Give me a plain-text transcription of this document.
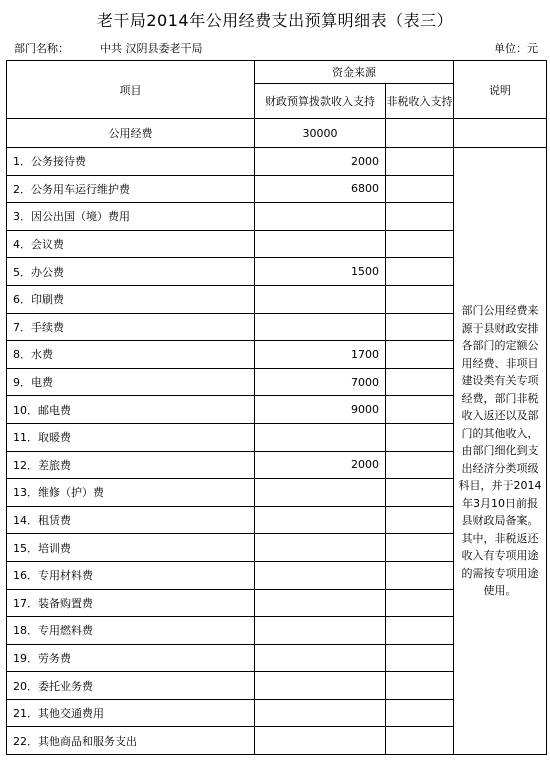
老干局2014年公用经费支出预算明细表（表三）
部门名称：	中共 汉阴县委老干局	单位：元
项目	资金来源		说明
	财政预算拨款收入支持	非税收入支持	
公用经费	30000		
1．公务接待费	2000		部门公用经费来源于县财政安排各部门的定额公用经费、非项目建设类有关专项经费，部门非税收入返还以及部门的其他收入，由部门细化到支出经济分类项级科目，并于2014年3月10日前报县财政局备案。其中，非税返还收入有专项用途的需按专项用途使用。
2．公务用车运行维护费	6800		
3．因公出国（境）费用			
4．会议费			
5．办公费	1500		
6．印刷费			
7．手续费			
8．水费	1700		
9．电费	7000		
10．邮电费	9000		
11．取暖费			
12．差旅费	2000		
13．维修（护）费			
14．租赁费			
15．培训费			
16．专用材料费			
17．装备购置费			
18．专用燃料费			
19．劳务费			
20．委托业务费			
21．其他交通费用			
22．其他商品和服务支出			
